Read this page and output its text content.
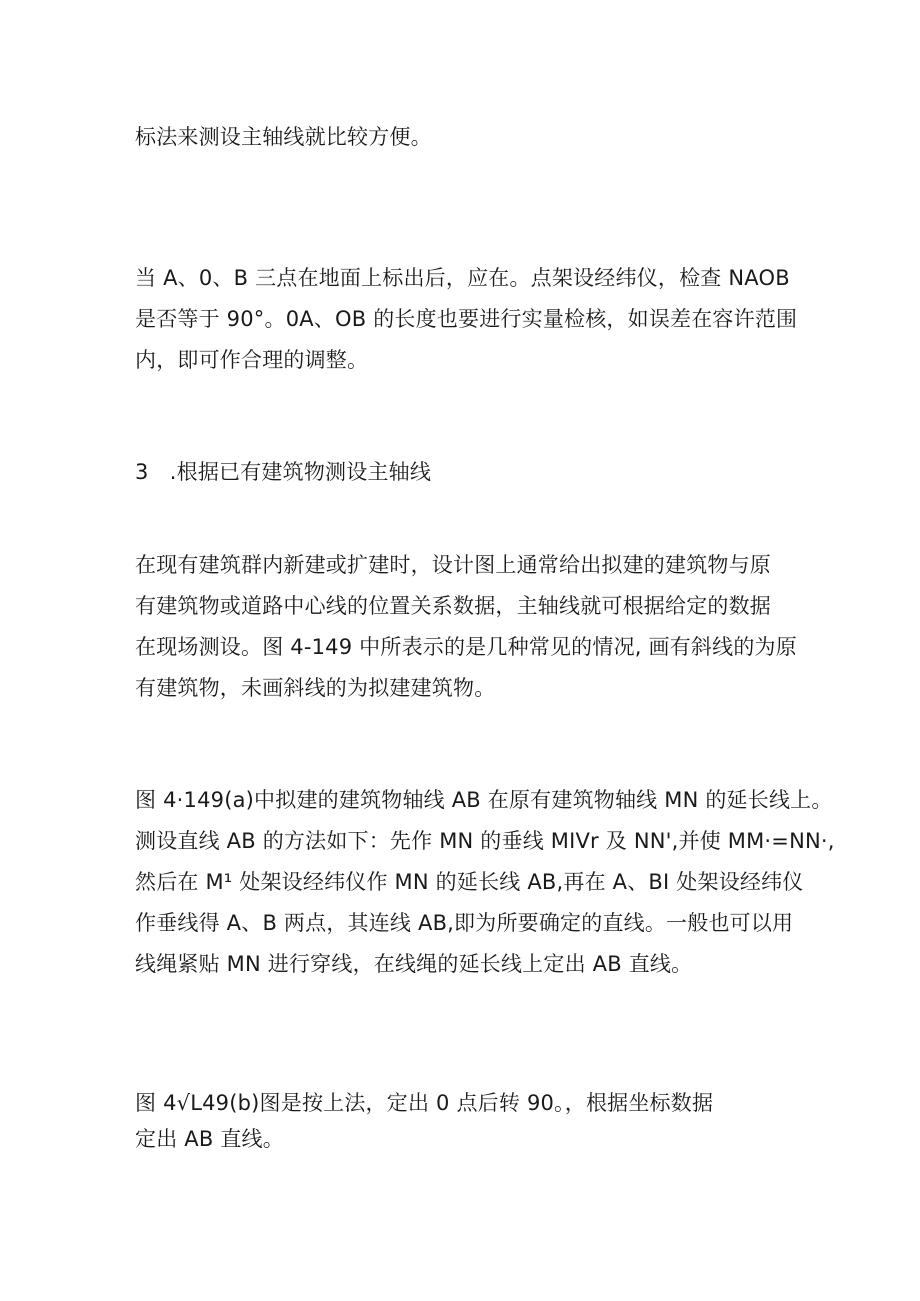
标法来测设主轴线就比较方便。

当 A、0、B 三点在地面上标出后，应在。点架设经纬仪，检查 NAOB
是否等于 90°。0A、OB 的长度也要进行实量检核，如误差在容许范围
内，即可作合理的调整。

3　.根据已有建筑物测设主轴线

在现有建筑群内新建或扩建时，设计图上通常给出拟建的建筑物与原
有建筑物或道路中心线的位置关系数据，主轴线就可根据给定的数据
在现场测设。图 4-149 中所表示的是几种常见的情况, 画有斜线的为原
有建筑物，未画斜线的为拟建建筑物。

图 4·149(a)中拟建的建筑物轴线 AB 在原有建筑物轴线 MN 的延长线上。
测设直线 AB 的方法如下：先作 MN 的垂线 MIVr 及 NN',并使 MM·=NN·,
然后在 M¹ 处架设经纬仪作 MN 的延长线 AB,再在 A、BI 处架设经纬仪
作垂线得 A、B 两点，其连线 AB,即为所要确定的直线。一般也可以用
线绳紧贴 MN 进行穿线，在线绳的延长线上定出 AB 直线。

图 4√L49(b)图是按上法，定出 0 点后转 90。，根据坐标数据
定出 AB 直线。
